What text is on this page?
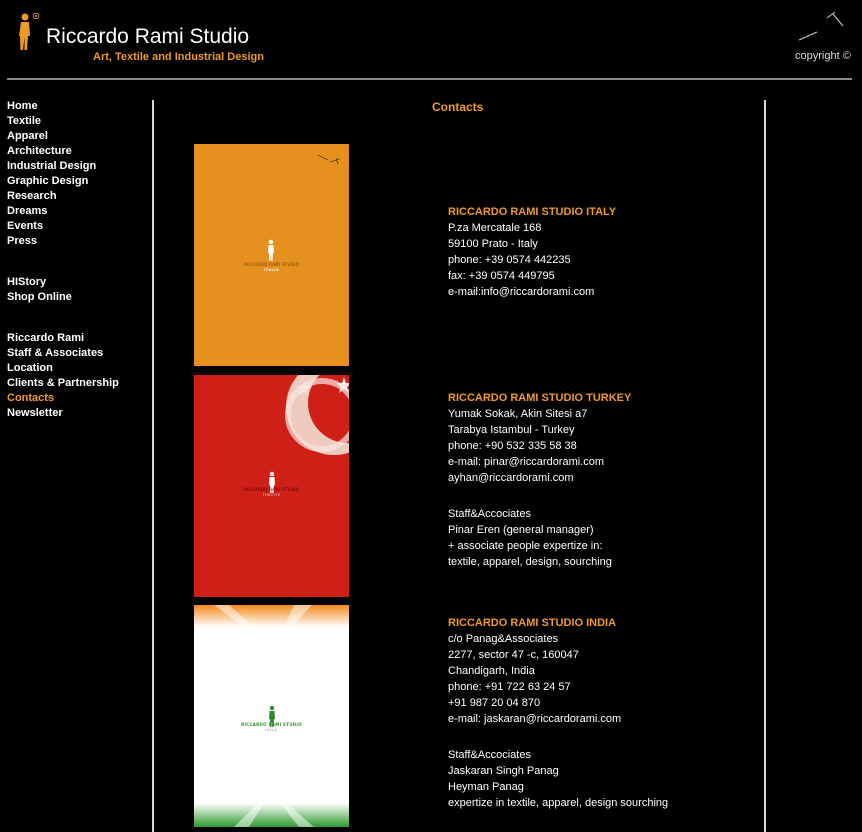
Riccardo Rami Studio
Art, Textile and Industrial Design	copyright ©
Home
Textile
Apparel
Architecture
Industrial Design
Graphic Design
Research
Dreams
Events
Press
HIStory
Shop Online
Riccardo Rami
Staff & Associates
Location
Clients & Partnership
Contacts
Newsletter
Contacts
RICCARDO RAMI STUDIO
ITALIA
RICCARDO RAMI STUDIO
TURKIYE
RICCARDO RAMI STUDIO
INDIA
RICCARDO RAMI STUDIO ITALY
P.za Mercatale 168
59100 Prato - Italy
phone: +39 0574 442235
fax: +39 0574 449795
e-mail:info@riccardorami.com
RICCARDO RAMI STUDIO TURKEY
Yumak Sokak, Akin Sitesi a7
Tarabya Istambul - Turkey
phone: +90 532 335 58 38
e-mail: pinar@riccardorami.com
ayhan@riccardorami.com
Staff&Accociates
Pinar Eren (general manager)
+ associate people expertize in:
textile, apparel, design, sourching
RICCARDO RAMI STUDIO INDIA
c/o Panag&Associates
2277, sector 47 -c, 160047
Chandigarh, India
phone: +91 722 63 24 57
+91 987 20 04 870
e-mail: jaskaran@riccardorami.com
Staff&Accociates
Jaskaran Singh Panag
Heyman Panag
expertize in textile, apparel, design sourching
